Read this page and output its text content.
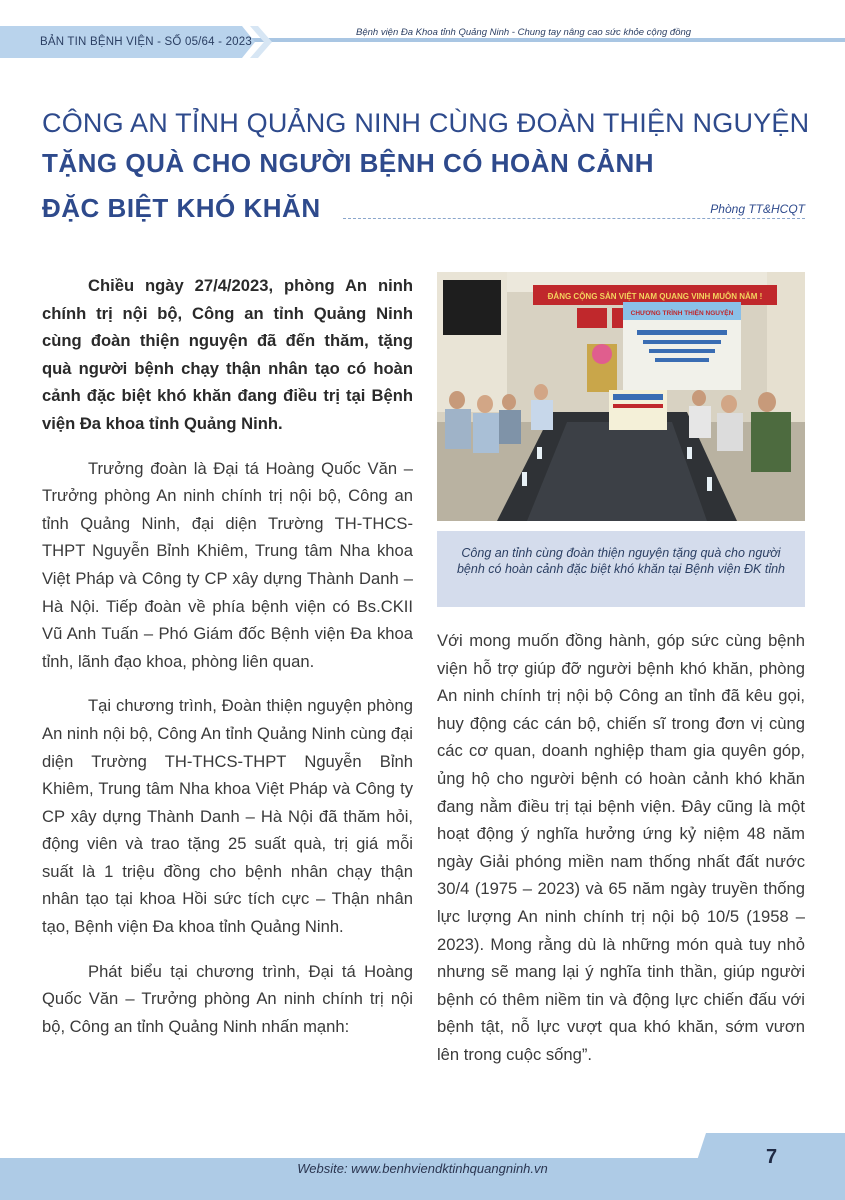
BẢN TIN BỆNH VIỆN - SỐ 05/64 - 2023
Bệnh viện Đa Khoa tỉnh Quảng Ninh - Chung tay nâng cao sức khỏe cộng đồng
CÔNG AN TỈNH QUẢNG NINH CÙNG ĐOÀN THIỆN NGUYỆN
TẶNG QUÀ CHO NGƯỜI BỆNH CÓ HOÀN CẢNH
ĐẶC BIỆT KHÓ KHĂN	Phòng TT&HCQT

Chiều ngày 27/4/2023, phòng An ninh chính trị nội bộ, Công an tỉnh Quảng Ninh cùng đoàn thiện nguyện đã đến thăm, tặng quà người bệnh chạy thận nhân tạo có hoàn cảnh đặc biệt khó khăn đang điều trị tại Bệnh viện Đa khoa tỉnh Quảng Ninh.

Trưởng đoàn là Đại tá Hoàng Quốc Văn – Trưởng phòng An ninh chính trị nội bộ, Công an tỉnh Quảng Ninh, đại diện Trường TH-THCS-THPT Nguyễn Bỉnh Khiêm, Trung tâm Nha khoa Việt Pháp và Công ty CP xây dựng Thành Danh – Hà Nội. Tiếp đoàn về phía bệnh viện có Bs.CKII Vũ Anh Tuấn – Phó Giám đốc Bệnh viện Đa khoa tỉnh, lãnh đạo khoa, phòng liên quan.

Tại chương trình, Đoàn thiện nguyện phòng An ninh nội bộ, Công An tỉnh Quảng Ninh cùng đại diện Trường TH-THCS-THPT Nguyễn Bỉnh Khiêm, Trung tâm Nha khoa Việt Pháp và Công ty CP xây dựng Thành Danh – Hà Nội đã thăm hỏi, động viên và trao tặng 25 suất quà, trị giá mỗi suất là 1 triệu đồng cho bệnh nhân chạy thận nhân tạo tại khoa Hồi sức tích cực – Thận nhân tạo, Bệnh viện Đa khoa tỉnh Quảng Ninh.

Phát biểu tại chương trình, Đại tá Hoàng Quốc Văn – Trưởng phòng An ninh chính trị nội bộ, Công an tỉnh Quảng Ninh nhấn mạnh:

ĐẢNG CỘNG SẢN VIỆT NAM QUANG VINH MUÔN NĂM !
CHƯƠNG TRÌNH THIỆN NGUYỆN
Công an tỉnh cùng đoàn thiện nguyện tặng quà cho người bệnh có hoàn cảnh đặc biệt khó khăn tại Bệnh viện ĐK tỉnh

Với mong muốn đồng hành, góp sức cùng bệnh viện hỗ trợ giúp đỡ người bệnh khó khăn, phòng An ninh chính trị nội bộ Công an tỉnh đã kêu gọi, huy động các cán bộ, chiến sĩ trong đơn vị cùng các cơ quan, doanh nghiệp tham gia quyên góp, ủng hộ cho người bệnh có hoàn cảnh khó khăn đang nằm điều trị tại bệnh viện. Đây cũng là một hoạt động ý nghĩa hưởng ứng kỷ niệm 48 năm ngày Giải phóng miền nam thống nhất đất nước 30/4 (1975 – 2023) và 65 năm ngày truyền thống lực lượng An ninh chính trị nội bộ 10/5 (1958 – 2023). Mong rằng dù là những món quà tuy nhỏ nhưng sẽ mang lại ý nghĩa tinh thần, giúp người bệnh có thêm niềm tin và động lực chiến đấu với bệnh tật, nỗ lực vượt qua khó khăn, sớm vươn lên trong cuộc sống”.

Website: www.benhviendktinhquangninh.vn
7
